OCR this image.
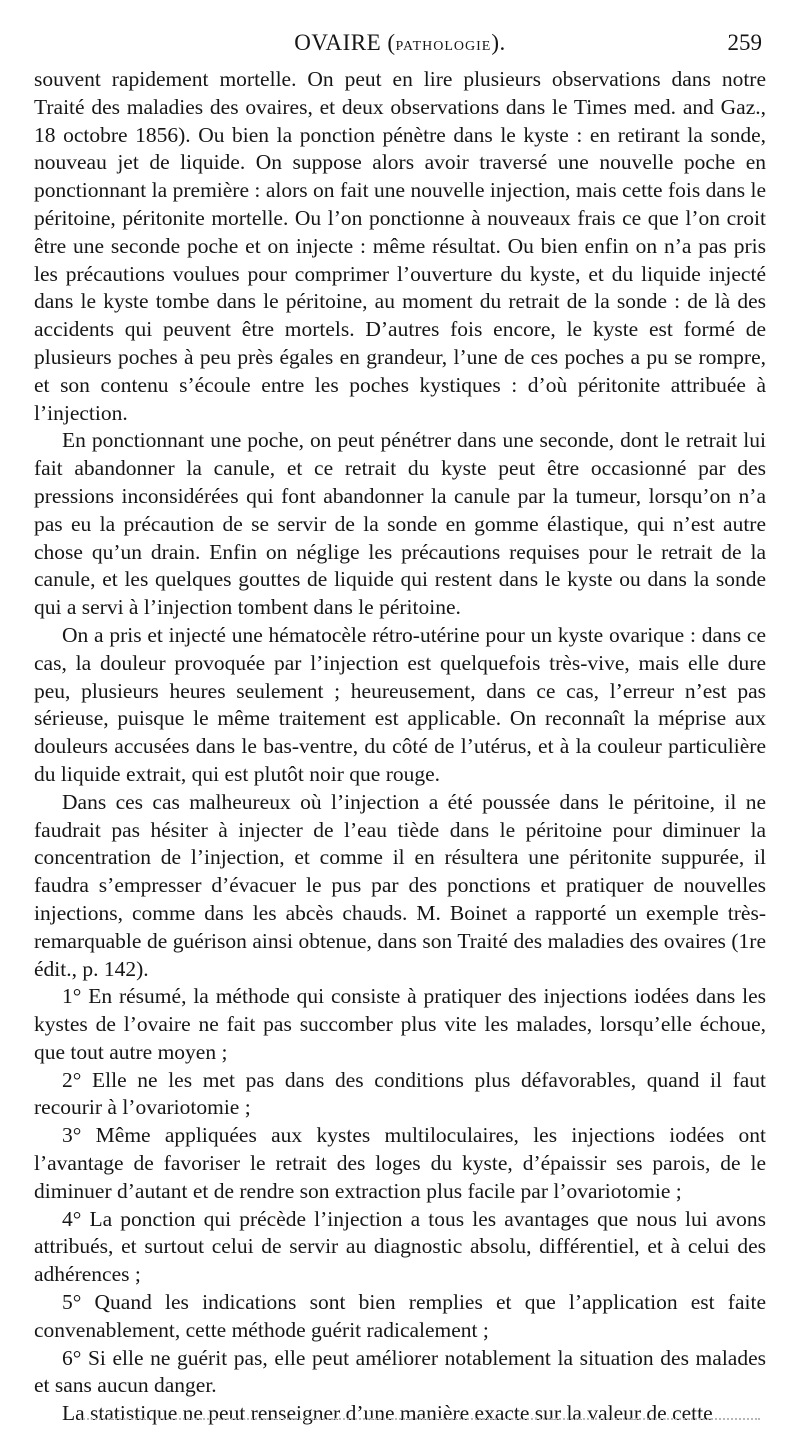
OVAIRE (PATHOLOGIE).	259

souvent rapidement mortelle. On peut en lire plusieurs observations dans notre Traité des maladies des ovaires, et deux observations dans le Times med. and Gaz., 18 octobre 1856). Ou bien la ponction pénètre dans le kyste : en retirant la sonde, nouveau jet de liquide. On suppose alors avoir traversé une nouvelle poche en ponctionnant la première : alors on fait une nouvelle injection, mais cette fois dans le péritoine, péritonite mortelle. Ou l’on ponctionne à nouveaux frais ce que l’on croit être une seconde poche et on injecte : même résultat. Ou bien enfin on n’a pas pris les précautions voulues pour comprimer l’ouverture du kyste, et du liquide injecté dans le kyste tombe dans le péritoine, au moment du retrait de la sonde : de là des accidents qui peuvent être mortels. D’autres fois encore, le kyste est formé de plusieurs poches à peu près égales en grandeur, l’une de ces poches a pu se rompre, et son contenu s’écoule entre les poches kystiques : d’où péritonite attribuée à l’injection.

En ponctionnant une poche, on peut pénétrer dans une seconde, dont le retrait lui fait abandonner la canule, et ce retrait du kyste peut être occasionné par des pressions inconsidérées qui font abandonner la canule par la tumeur, lorsqu’on n’a pas eu la précaution de se servir de la sonde en gomme élastique, qui n’est autre chose qu’un drain. Enfin on néglige les précautions requises pour le retrait de la canule, et les quelques gouttes de liquide qui restent dans le kyste ou dans la sonde qui a servi à l’injection tombent dans le péritoine.

On a pris et injecté une hématocèle rétro-utérine pour un kyste ovarique : dans ce cas, la douleur provoquée par l’injection est quelquefois très-vive, mais elle dure peu, plusieurs heures seulement ; heureusement, dans ce cas, l’erreur n’est pas sérieuse, puisque le même traitement est applicable. On reconnaît la méprise aux douleurs accusées dans le bas-ventre, du côté de l’utérus, et à la couleur particulière du liquide extrait, qui est plutôt noir que rouge.

Dans ces cas malheureux où l’injection a été poussée dans le péritoine, il ne faudrait pas hésiter à injecter de l’eau tiède dans le péritoine pour diminuer la concentration de l’injection, et comme il en résultera une péritonite suppurée, il faudra s’empresser d’évacuer le pus par des ponctions et pratiquer de nouvelles injections, comme dans les abcès chauds. M. Boinet a rapporté un exemple très-remarquable de guérison ainsi obtenue, dans son Traité des maladies des ovaires (1re édit., p. 142).

1° En résumé, la méthode qui consiste à pratiquer des injections iodées dans les kystes de l’ovaire ne fait pas succomber plus vite les malades, lorsqu’elle échoue, que tout autre moyen ;

2° Elle ne les met pas dans des conditions plus défavorables, quand il faut recourir à l’ovariotomie ;

3° Même appliquées aux kystes multiloculaires, les injections iodées ont l’avantage de favoriser le retrait des loges du kyste, d’épaissir ses parois, de le diminuer d’autant et de rendre son extraction plus facile par l’ovariotomie ;

4° La ponction qui précède l’injection a tous les avantages que nous lui avons attribués, et surtout celui de servir au diagnostic absolu, différentiel, et à celui des adhérences ;

5° Quand les indications sont bien remplies et que l’application est faite convenablement, cette méthode guérit radicalement ;

6° Si elle ne guérit pas, elle peut améliorer notablement la situation des malades et sans aucun danger.

La statistique ne peut renseigner d’une manière exacte sur la valeur de cette
